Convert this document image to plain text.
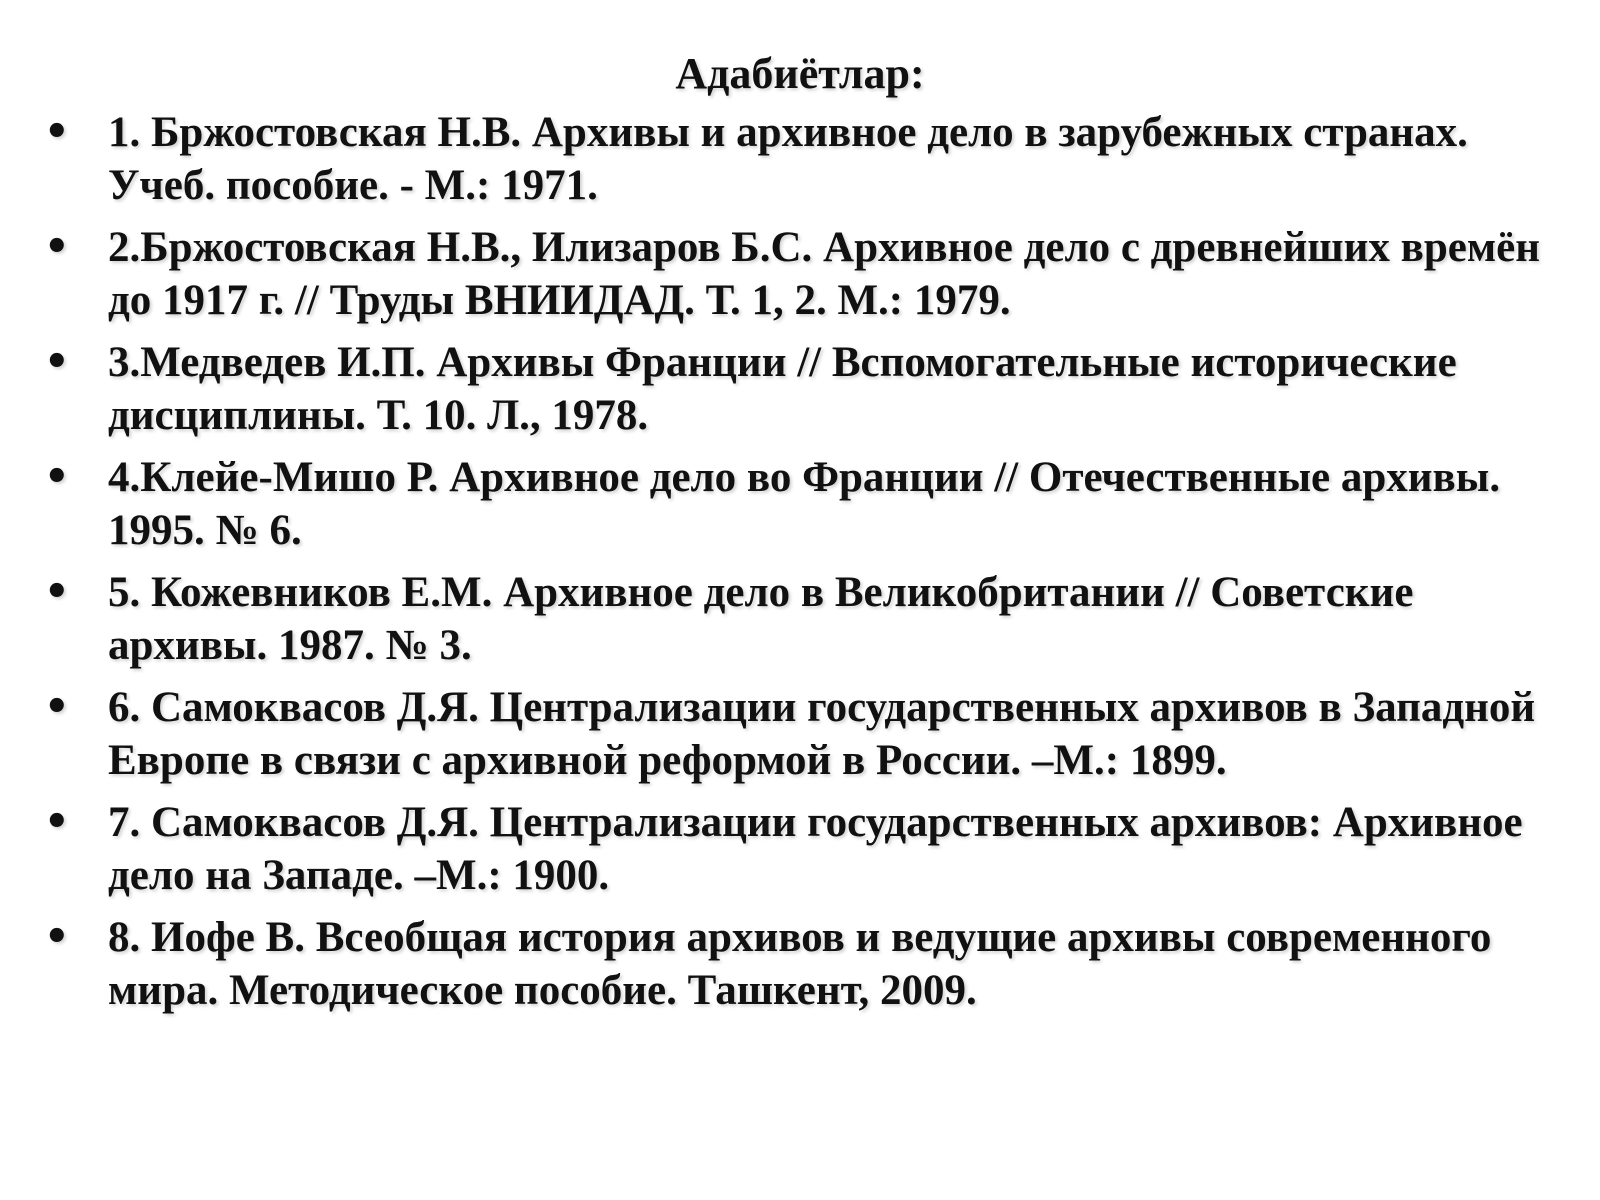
Адабиётлар:
• 1. Бржостовская Н.В. Архивы и архивное дело в зарубежных странах. Учеб. пособие. - М.: 1971.
• 2.Бржостовская Н.В., Илизаров Б.С. Архивное дело с древнейших времён до 1917 г. // Труды ВНИИДАД. Т. 1, 2. М.: 1979.
• 3.Медведев И.П. Архивы Франции // Вспомогательные исторические дисциплины. Т. 10. Л., 1978.
• 4.Клейе-Мишо Р. Архивное дело во Франции // Отечественные архивы. 1995. № 6.
• 5. Кожевников Е.М. Архивное дело в Великобритании // Советские архивы. 1987. № 3.
• 6. Самоквасов Д.Я. Централизации государственных архивов в Западной Европе в связи с архивной реформой в России. –М.: 1899.
• 7. Самоквасов Д.Я. Централизации государственных архивов: Архивное дело на Западе. –М.: 1900.
• 8. Иофе В. Всеобщая история архивов и ведущие архивы современного мира. Методическое пособие. Ташкент, 2009.
